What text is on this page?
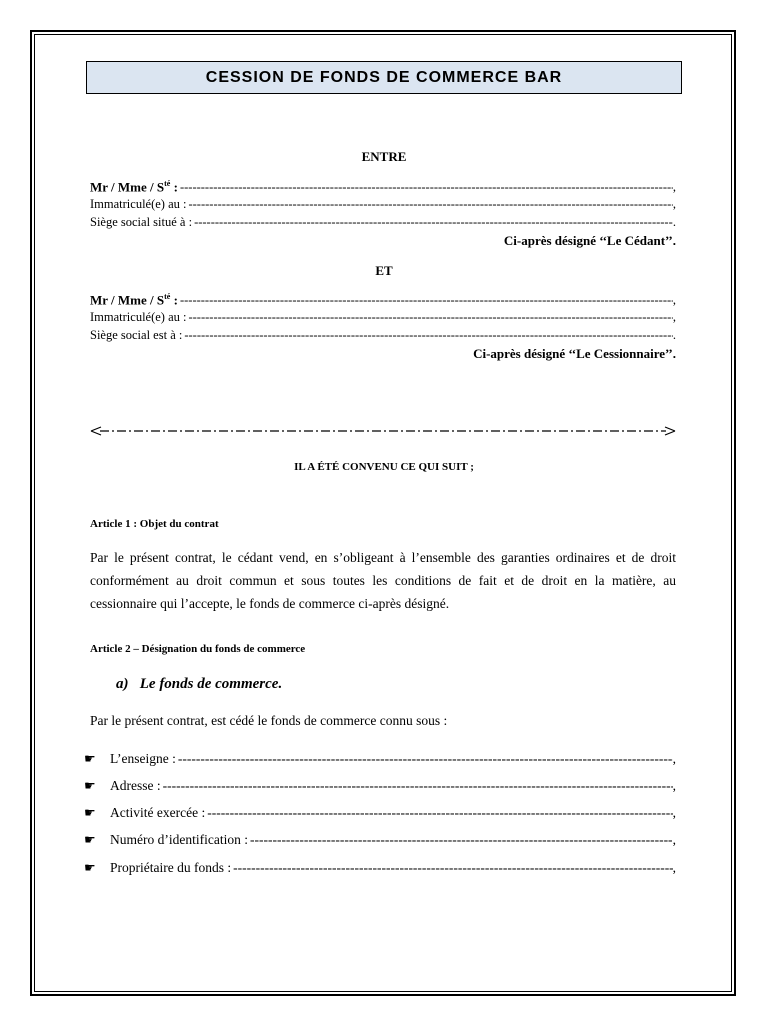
CESSION DE FONDS DE COMMERCE BAR
ENTRE
Mr / Mme / $S^{té}$ : -----	,
Immatriculé(e) au : -----	,
Siège social situé à : -----	.
Ci-après désigné ‘‘Le Cédant’’.
ET
Mr / Mme / $S^{té}$ : -----	,
Immatriculé(e) au : -----	,
Siège social est à : -----	.
Ci-après désigné ‘‘Le Cessionnaire’’.
IL A ÉTÉ CONVENU CE QUI SUIT ;
Article 1 : Objet du contrat
Par le présent contrat, le cédant vend, en s’obligeant à l’ensemble des garanties ordinaires et de droit conformément au droit commun et sous toutes les conditions de fait et de droit en la matière, au cessionnaire qui l’accepte, le fonds de commerce ci-après désigné.
Article 2 – Désignation du fonds de commerce
a)   Le fonds de commerce.
Par le présent contrat, est cédé le fonds de commerce connu sous :
☛	L’enseigne : -----	,
☛	Adresse : -----	,
☛	Activité exercée : -----	,
☛	Numéro d’identification : -----	,
☛	Propriétaire du fonds : -----	,
